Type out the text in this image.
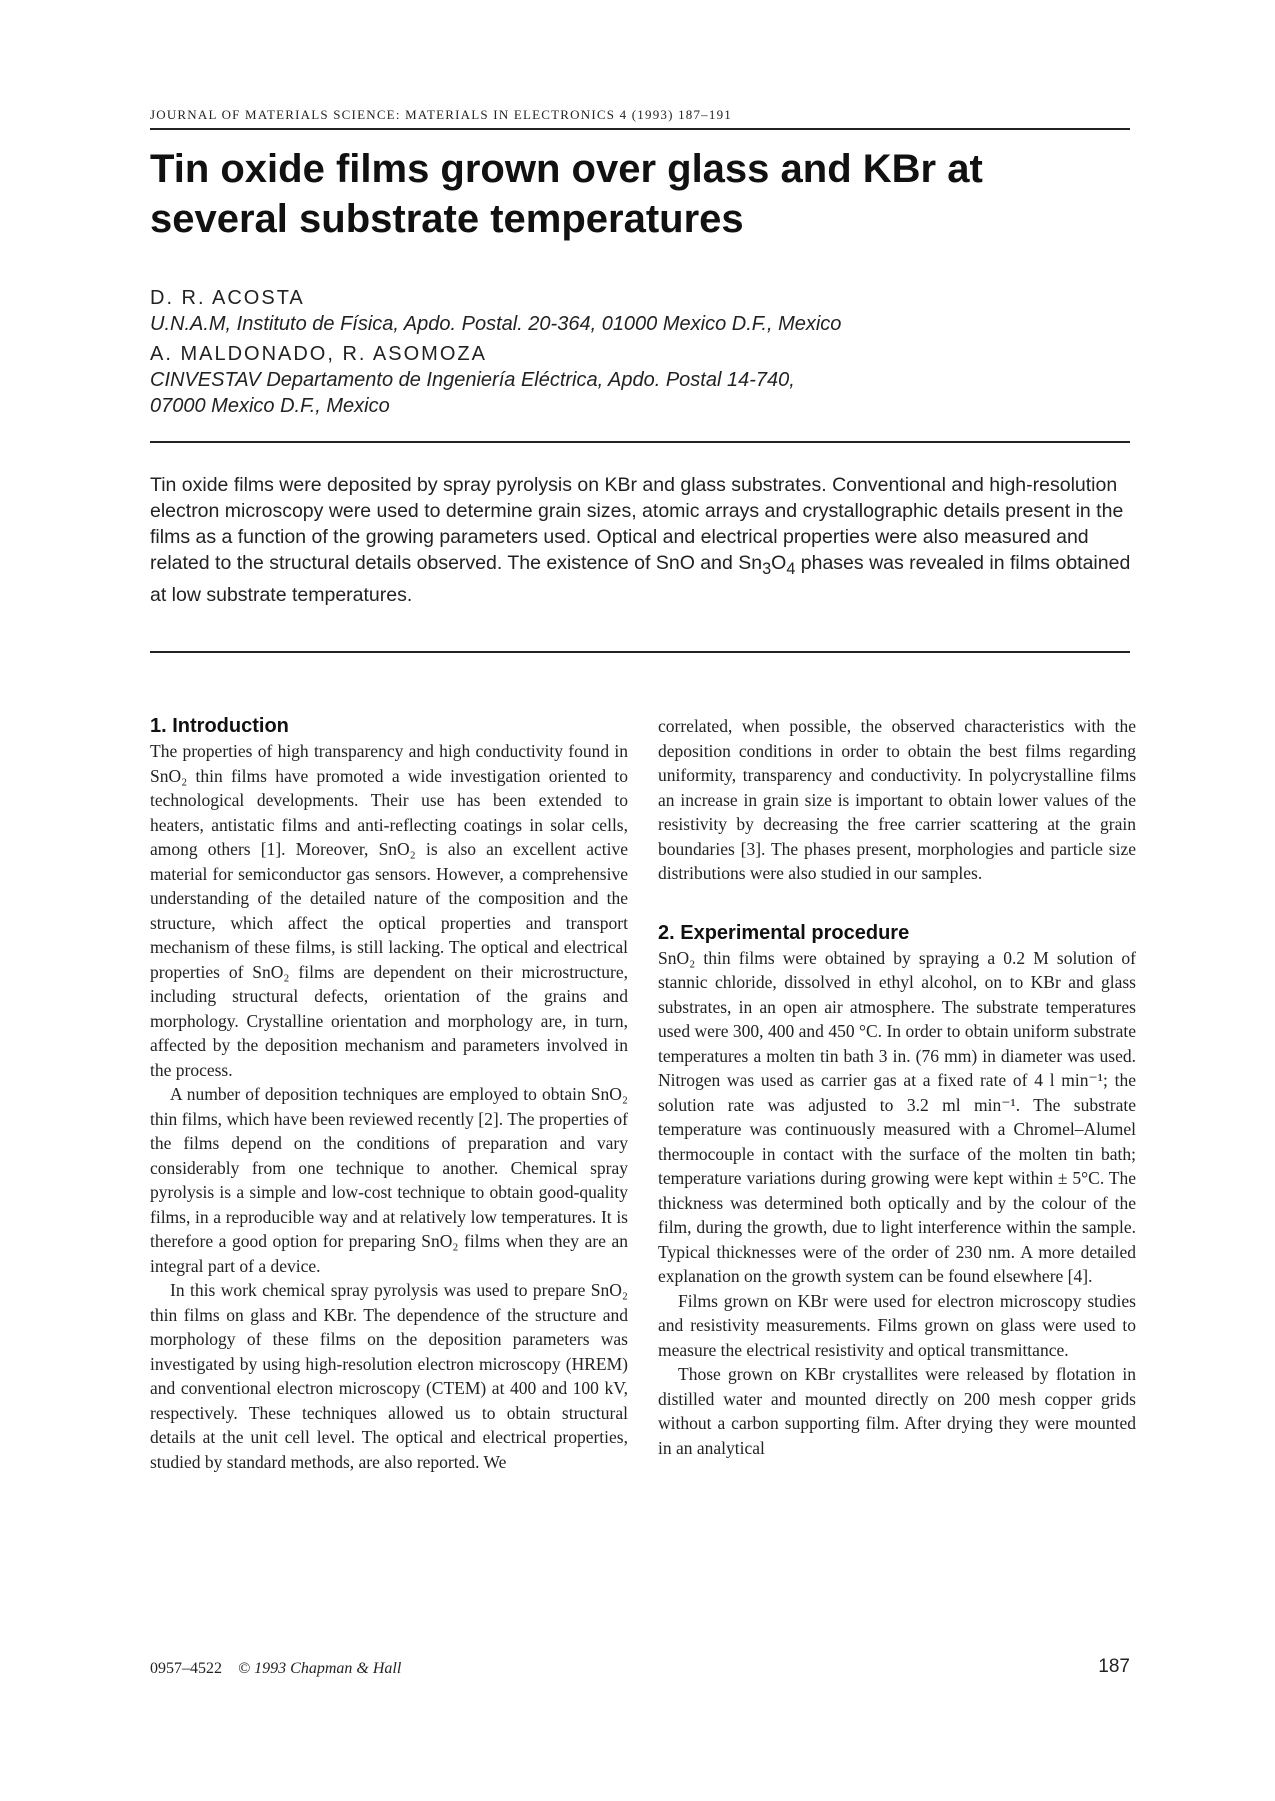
JOURNAL OF MATERIALS SCIENCE: MATERIALS IN ELECTRONICS 4 (1993) 187–191
Tin oxide films grown over glass and KBr at several substrate temperatures
D. R. ACOSTA
U.N.A.M, Instituto de Física, Apdo. Postal. 20-364, 01000 Mexico D.F., Mexico
A. MALDONADO, R. ASOMOZA
CINVESTAV Departamento de Ingeniería Eléctrica, Apdo. Postal 14-740,
07000 Mexico D.F., Mexico
Tin oxide films were deposited by spray pyrolysis on KBr and glass substrates. Conventional and high-resolution electron microscopy were used to determine grain sizes, atomic arrays and crystallographic details present in the films as a function of the growing parameters used. Optical and electrical properties were also measured and related to the structural details observed. The existence of SnO and $Sn_3O_4$ phases was revealed in films obtained at low substrate temperatures.
1. Introduction

The properties of high transparency and high conductivity found in SnO₂ thin films have promoted a wide investigation oriented to technological developments. Their use has been extended to heaters, antistatic films and anti-reflecting coatings in solar cells, among others [1]. Moreover, SnO₂ is also an excellent active material for semiconductor gas sensors. However, a comprehensive understanding of the detailed nature of the composition and the structure, which affect the optical properties and transport mechanism of these films, is still lacking. The optical and electrical properties of SnO₂ films are dependent on their microstructure, including structural defects, orientation of the grains and morphology. Crystalline orientation and morphology are, in turn, affected by the deposition mechanism and parameters involved in the process.

A number of deposition techniques are employed to obtain SnO₂ thin films, which have been reviewed recently [2]. The properties of the films depend on the conditions of preparation and vary considerably from one technique to another. Chemical spray pyrolysis is a simple and low-cost technique to obtain good-quality films, in a reproducible way and at relatively low temperatures. It is therefore a good option for preparing SnO₂ films when they are an integral part of a device.

In this work chemical spray pyrolysis was used to prepare SnO₂ thin films on glass and KBr. The dependence of the structure and morphology of these films on the deposition parameters was investigated by using high-resolution electron microscopy (HREM) and conventional electron microscopy (CTEM) at 400 and 100 kV, respectively. These techniques allowed us to obtain structural details at the unit cell level. The optical and electrical properties, studied by standard methods, are also reported. We

correlated, when possible, the observed characteristics with the deposition conditions in order to obtain the best films regarding uniformity, transparency and conductivity. In polycrystalline films an increase in grain size is important to obtain lower values of the resistivity by decreasing the free carrier scattering at the grain boundaries [3]. The phases present, morphologies and particle size distributions were also studied in our samples.

2. Experimental procedure

SnO₂ thin films were obtained by spraying a 0.2 M solution of stannic chloride, dissolved in ethyl alcohol, on to KBr and glass substrates, in an open air atmosphere. The substrate temperatures used were 300, 400 and 450 °C. In order to obtain uniform substrate temperatures a molten tin bath 3 in. (76 mm) in diameter was used. Nitrogen was used as carrier gas at a fixed rate of 4 l min⁻¹; the solution rate was adjusted to 3.2 ml min⁻¹. The substrate temperature was continuously measured with a Chromel–Alumel thermocouple in contact with the surface of the molten tin bath; temperature variations during growing were kept within ± 5°C. The thickness was determined both optically and by the colour of the film, during the growth, due to light interference within the sample. Typical thicknesses were of the order of 230 nm. A more detailed explanation on the growth system can be found elsewhere [4].

Films grown on KBr were used for electron microscopy studies and resistivity measurements. Films grown on glass were used to measure the electrical resistivity and optical transmittance.

Those grown on KBr crystallites were released by flotation in distilled water and mounted directly on 200 mesh copper grids without a carbon supporting film. After drying they were mounted in an analytical

0957–4522 © 1993 Chapman & Hall	187
